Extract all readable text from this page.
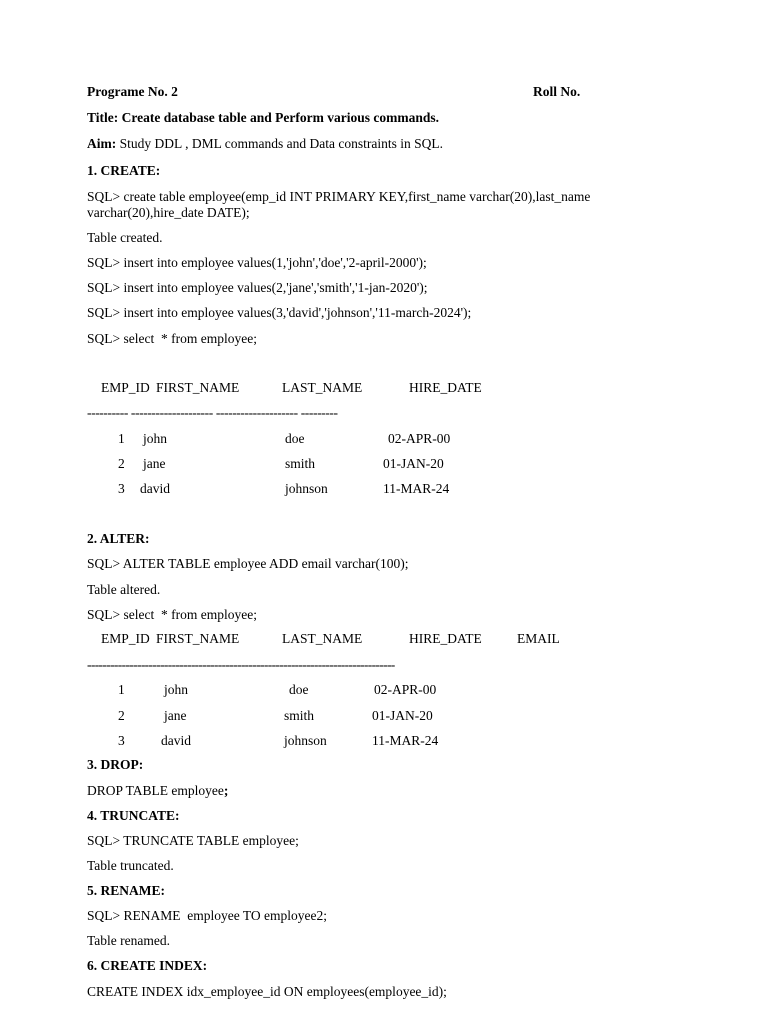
Programe No. 2	Roll No.
Title: Create database table and Perform various commands.
Aim: Study DDL , DML commands and Data constraints in SQL.
1. CREATE:
SQL> create table employee(emp_id INT PRIMARY KEY,first_name varchar(20),last_name
varchar(20),hire_date DATE);
Table created.
SQL> insert into employee values(1,'john','doe','2-april-2000');
SQL> insert into employee values(2,'jane','smith','1-jan-2020');
SQL> insert into employee values(3,'david','johnson','11-march-2024');
SQL> select  * from employee;
EMP_ID FIRST_NAME	LAST_NAME	HIRE_DATE
---------- -------------------- -------------------- ---------
1 john	doe	02-APR-00
2 jane	smith	01-JAN-20
3 david	johnson	11-MAR-24
2. ALTER:
SQL> ALTER TABLE employee ADD email varchar(100);
Table altered.
SQL> select  * from employee;
EMP_ID FIRST_NAME	LAST_NAME	HIRE_DATE	EMAIL
--------------------------------------------------------------------------------
1	john	doe	02-APR-00
2	jane	smith	01-JAN-20
3	david	johnson	11-MAR-24
3. DROP:
DROP TABLE employee;
4. TRUNCATE:
SQL> TRUNCATE TABLE employee;
Table truncated.
5. RENAME:
SQL> RENAME  employee TO employee2;
Table renamed.
6. CREATE INDEX:
CREATE INDEX idx_employee_id ON employees(employee_id);
